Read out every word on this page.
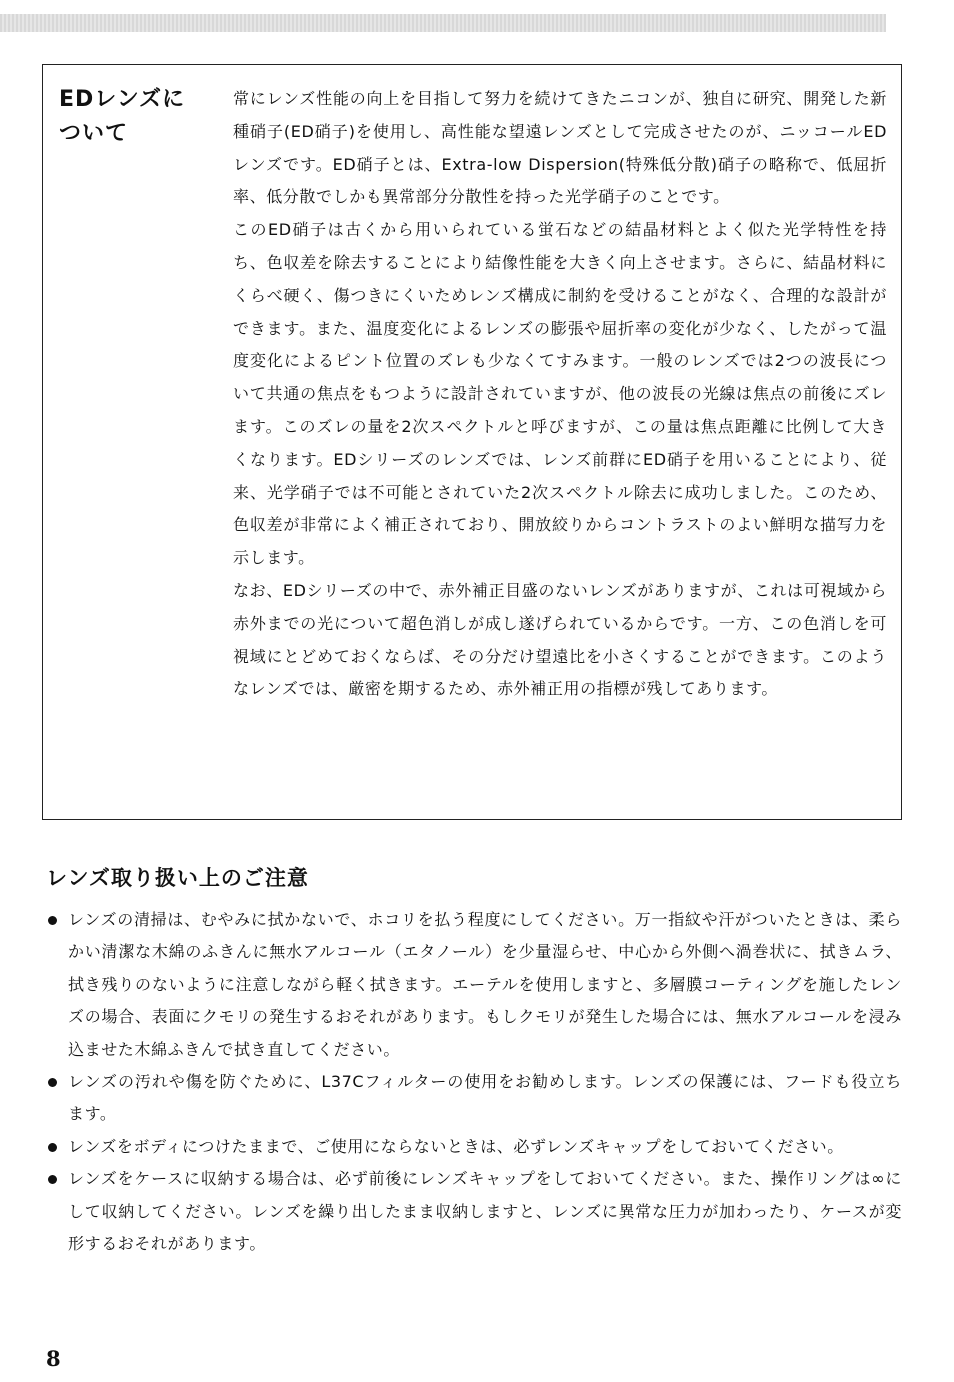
EDレンズに
ついて

常にレンズ性能の向上を目指して努力を続けてきたニコンが、独自に研究、開発した新種硝子(ED硝子)を使用し、高性能な望遠レンズとして完成させたのが、ニッコールEDレンズです。ED硝子とは、Extra-low Dispersion(特殊低分散)硝子の略称で、低屈折率、低分散でしかも異常部分分散性を持った光学硝子のことです。

このED硝子は古くから用いられている蛍石などの結晶材料とよく似た光学特性を持ち、色収差を除去することにより結像性能を大きく向上させます。さらに、結晶材料にくらべ硬く、傷つきにくいためレンズ構成に制約を受けることがなく、合理的な設計ができます。また、温度変化によるレンズの膨張や屈折率の変化が少なく、したがって温度変化によるピント位置のズレも少なくてすみます。一般のレンズでは2つの波長について共通の焦点をもつように設計されていますが、他の波長の光線は焦点の前後にズレます。このズレの量を2次スペクトルと呼びますが、この量は焦点距離に比例して大きくなります。EDシリーズのレンズでは、レンズ前群にED硝子を用いることにより、従来、光学硝子では不可能とされていた2次スペクトル除去に成功しました。このため、色収差が非常によく補正されており、開放絞りからコントラストのよい鮮明な描写力を示します。

なお、EDシリーズの中で、赤外補正目盛のないレンズがありますが、これは可視域から赤外までの光について超色消しが成し遂げられているからです。一方、この色消しを可視域にとどめておくならば、その分だけ望遠比を小さくすることができます。このようなレンズでは、厳密を期するため、赤外補正用の指標が残してあります。

レンズ取り扱い上のご注意
レンズの清掃は、むやみに拭かないで、ホコリを払う程度にしてください。万一指紋や汗がついたときは、柔らかい清潔な木綿のふきんに無水アルコール（エタノール）を少量湿らせ、中心から外側へ渦巻状に、拭きムラ、拭き残りのないように注意しながら軽く拭きます。エーテルを使用しますと、多層膜コーティングを施したレンズの場合、表面にクモリの発生するおそれがあります。もしクモリが発生した場合には、無水アルコールを浸み込ませた木綿ふきんで拭き直してください。
レンズの汚れや傷を防ぐために、L37Cフィルターの使用をお勧めします。レンズの保護には、フードも役立ちます。
レンズをボディにつけたままで、ご使用にならないときは、必ずレンズキャップをしておいてください。
レンズをケースに収納する場合は、必ず前後にレンズキャップをしておいてください。また、操作リングは∞にして収納してください。レンズを繰り出したまま収納しますと、レンズに異常な圧力が加わったり、ケースが変形するおそれがあります。
8
